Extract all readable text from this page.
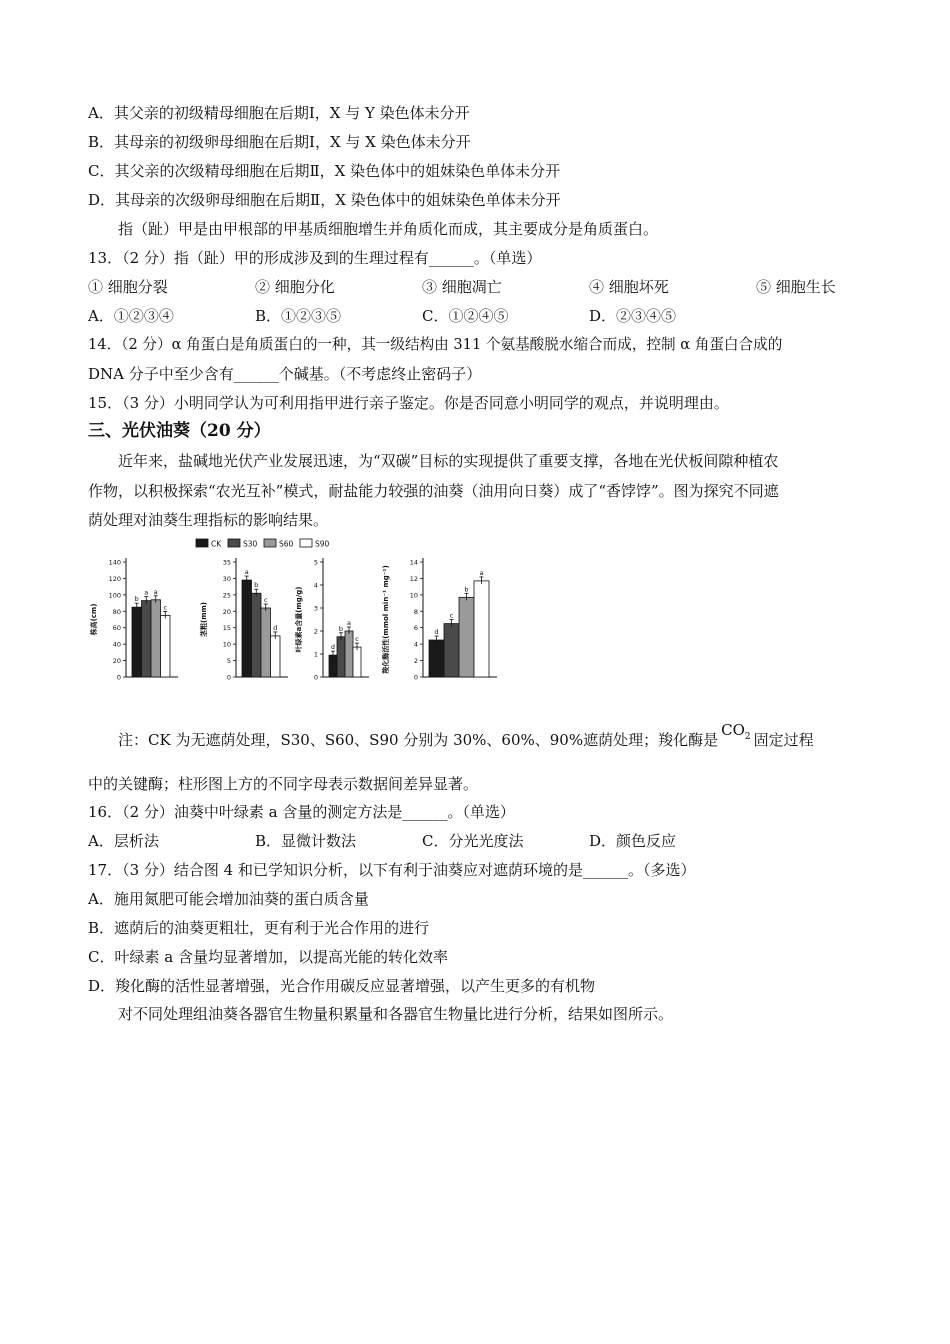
A．其父亲的初级精母细胞在后期Ⅰ，X 与 Y 染色体未分开
B．其母亲的初级卵母细胞在后期Ⅰ，X 与 X 染色体未分开
C．其父亲的次级精母细胞在后期Ⅱ，X 染色体中的姐妹染色单体未分开
D．其母亲的次级卵母细胞在后期Ⅱ，X 染色体中的姐妹染色单体未分开
指（趾）甲是由甲根部的甲基质细胞增生并角质化而成，其主要成分是角质蛋白。
13．（2 分）指（趾）甲的形成涉及到的生理过程有______。（单选）
① 细胞分裂	② 细胞分化	③ 细胞凋亡	④ 细胞坏死	⑤ 细胞生长
A．①②③④	B．①②③⑤	C．①②④⑤	D．②③④⑤
14．（2 分）α 角蛋白是角质蛋白的一种，其一级结构由 311 个氨基酸脱水缩合而成，控制 α 角蛋白合成的
DNA 分子中至少含有______个碱基。（不考虑终止密码子）
15．（3 分）小明同学认为可利用指甲进行亲子鉴定。你是否同意小明同学的观点，并说明理由。
三、光伏油葵（20 分）
近年来，盐碱地光伏产业发展迅速，为“双碳”目标的实现提供了重要支撑，各地在光伏板间隙种植农
作物，以积极探索“农光互补”模式，耐盐能力较强的油葵（油用向日葵）成了“香饽饽”。图为探究不同遮
荫处理对油葵生理指标的影响结果。
CK	S30	S60	S90
0
20
40
60
80
100
120
140
株高(cm)
b
a a
c
0
5
10
15
20
25
30
35
茎粗(mm)
a
b
c
d
0
1
2
3
4
5
叶绿素a含量(mg/g)	d
b
a
c
0
2
4
6
8
10
12
14
羧化酶活性(mmol min⁻¹ mg⁻¹)	d
c
b
a
注：CK 为无遮荫处理，S30、S60、S90 分别为 30%、60%、90%遮荫处理；羧化酶是$CO_2$ 固定过程
中的关键酶；柱形图上方的不同字母表示数据间差异显著。
16．（2 分）油葵中叶绿素 a 含量的测定方法是______。（单选）
A．层析法	B．显微计数法	C．分光光度法	D．颜色反应
17．（3 分）结合图 4 和已学知识分析，以下有利于油葵应对遮荫环境的是______。（多选）
A．施用氮肥可能会增加油葵的蛋白质含量
B．遮荫后的油葵更粗壮，更有利于光合作用的进行
C．叶绿素 a 含量均显著增加，以提高光能的转化效率
D．羧化酶的活性显著增强，光合作用碳反应显著增强，以产生更多的有机物
对不同处理组油葵各器官生物量积累量和各器官生物量比进行分析，结果如图所示。
